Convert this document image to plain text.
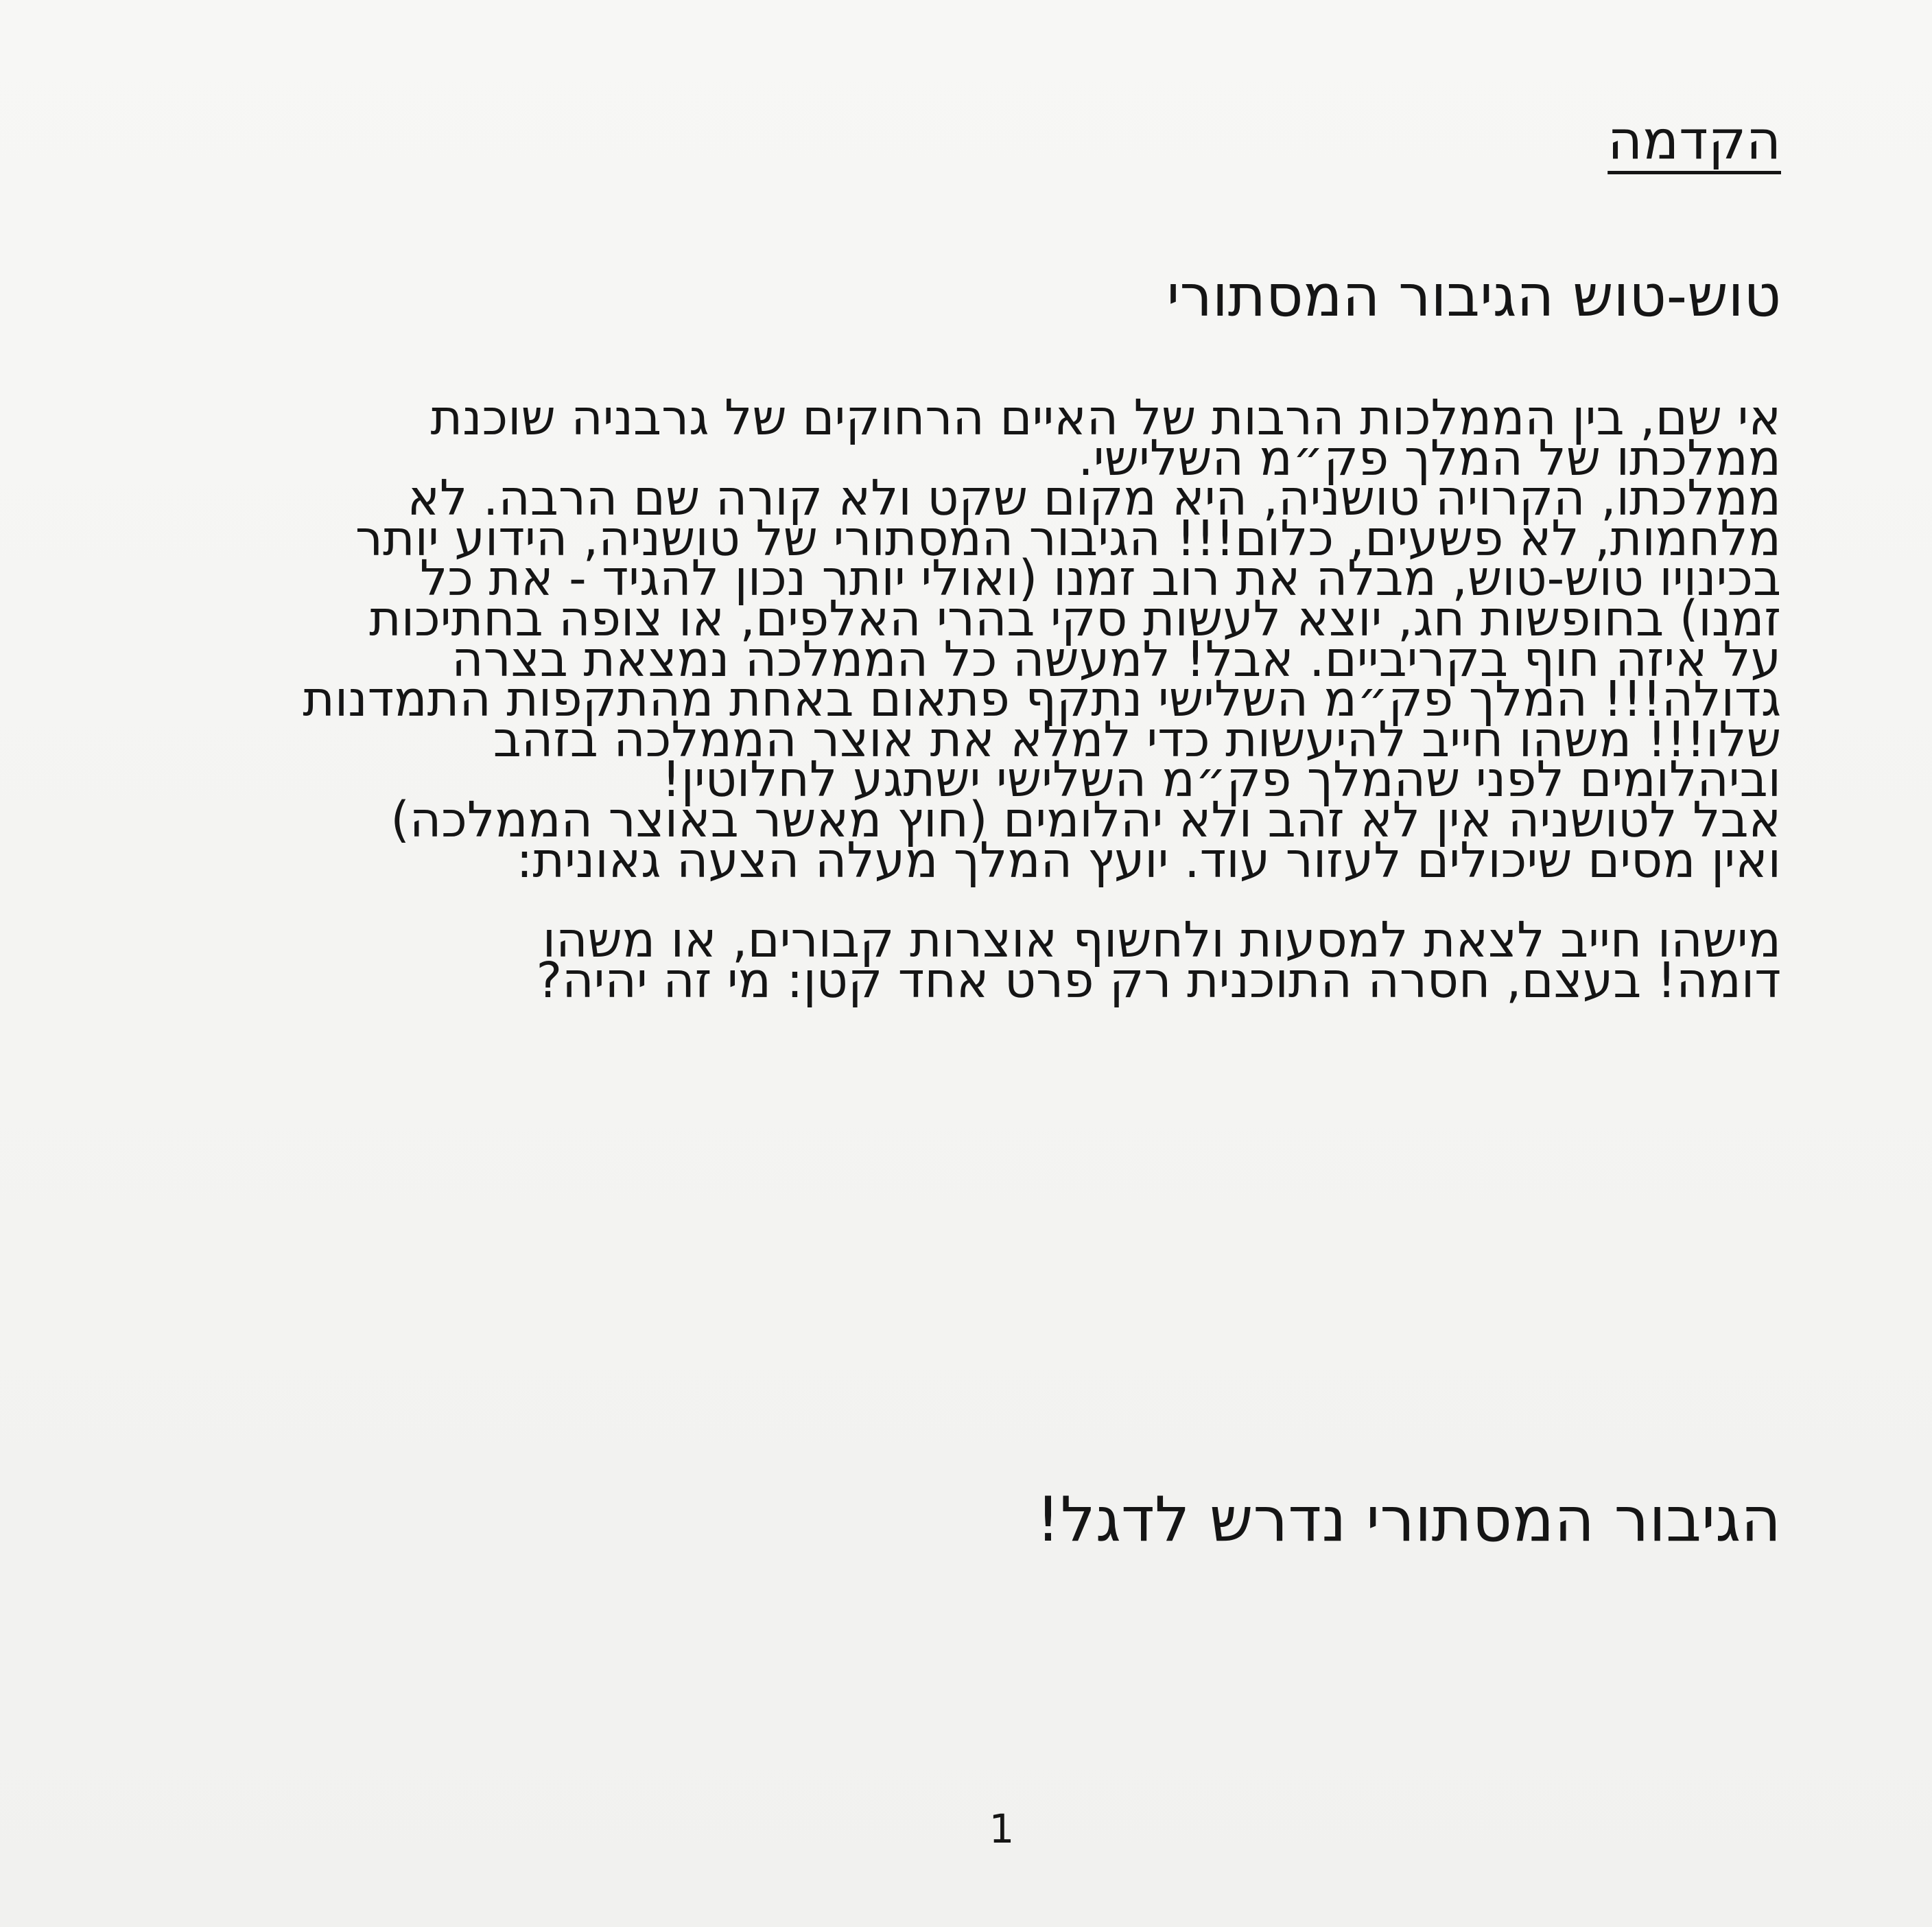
הקדמה
טוש-טוש הגיבור המסתורי

אי שם, בין הממלכות הרבות של האיים הרחוקים של גרבניה שוכנת

ממלכתו של המלך פק״מ השלישי.

ממלכתו, הקרויה טושניה, היא מקום שקט ולא קורה שם הרבה. לא

מלחמות, לא פשעים, כלום!!! הגיבור המסתורי של טושניה, הידוע יותר

בכינויו טוש-טוש, מבלה את רוב זמנו (ואולי יותר נכון להגיד - את כל

זמנו) בחופשות חג, יוצא לעשות סקי בהרי האלפים, או צופה בחתיכות

על איזה חוף בקריביים. אבל! למעשה כל הממלכה נמצאת בצרה

גדולה!!! המלך פק״מ השלישי נתקף פתאום באחת מהתקפות התמדנות

שלו!!! משהו חייב להיעשות כדי למלא את אוצר הממלכה בזהב

וביהלומים לפני שהמלך פק״מ השלישי ישתגע לחלוטין!

אבל לטושניה אין לא זהב ולא יהלומים (חוץ מאשר באוצר הממלכה)

ואין מסים שיכולים לעזור עוד. יועץ המלך מעלה הצעה גאונית:

מישהו חייב לצאת למסעות ולחשוף אוצרות קבורים, או משהו

דומה! בעצם, חסרה התוכנית רק פרט אחד קטן: מי זה יהיה?

הגיבור המסתורי נדרש לדגל!
1
